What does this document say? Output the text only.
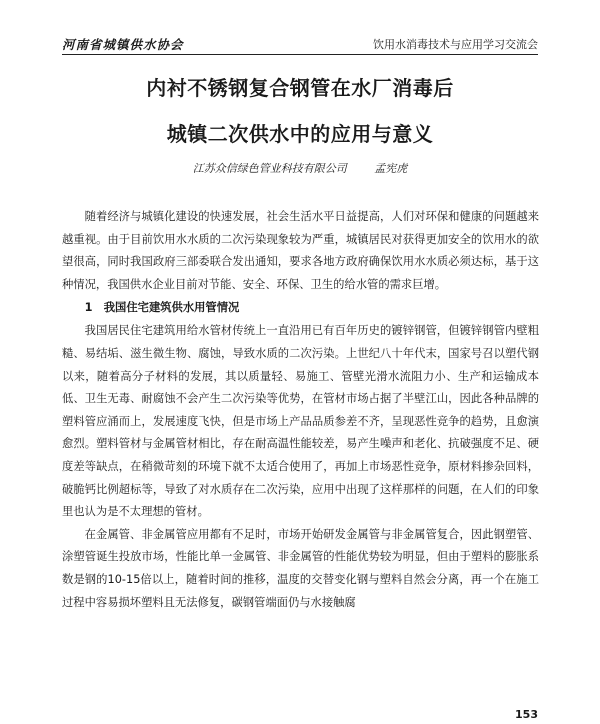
河南省城镇供水协会	饮用水消毒技术与应用学习交流会
内衬不锈钢复合钢管在水厂消毒后
城镇二次供水中的应用与意义
江苏众信绿色管业科技有限公司	孟宪虎

随着经济与城镇化建设的快速发展，社会生活水平日益提高，人们对环保和健康的问题越来越重视。由于目前饮用水水质的二次污染现象较为严重，城镇居民对获得更加安全的饮用水的欲望很高，同时我国政府三部委联合发出通知，要求各地方政府确保饮用水水质必须达标，基于这种情况，我国供水企业目前对节能、安全、环保、卫生的给水管的需求巨增。

1　我国住宅建筑供水用管情况

我国居民住宅建筑用给水管材传统上一直沿用已有百年历史的镀锌钢管，但镀锌钢管内壁粗糙、易结垢、滋生微生物、腐蚀，导致水质的二次污染。上世纪八十年代末，国家号召以塑代钢以来，随着高分子材料的发展，其以质量轻、易施工、管壁光滑水流阻力小、生产和运输成本低、卫生无毒、耐腐蚀不会产生二次污染等优势，在管材市场占据了半壁江山，因此各种品牌的塑料管应涌而上，发展速度飞快，但是市场上产品品质参差不齐，呈现恶性竞争的趋势，且愈演愈烈。塑料管材与金属管材相比，存在耐高温性能较差，易产生噪声和老化、抗破强度不足、硬度差等缺点，在稍微苛刻的环境下就不太适合使用了，再加上市场恶性竞争，原材料掺杂回料，破脆钙比例超标等，导致了对水质存在二次污染，应用中出现了这样那样的问题，在人们的印象里也认为是不太理想的管材。

在金属管、非金属管应用都有不足时，市场开始研发金属管与非金属管复合，因此钢塑管、涂塑管诞生投放市场，性能比单一金属管、非金属管的性能优势较为明显，但由于塑料的膨胀系数是钢的10-15倍以上，随着时间的推移，温度的交替变化钢与塑料自然会分离，再一个在施工过程中容易损坏塑料且无法修复，碳钢管端面仍与水接触腐

153
